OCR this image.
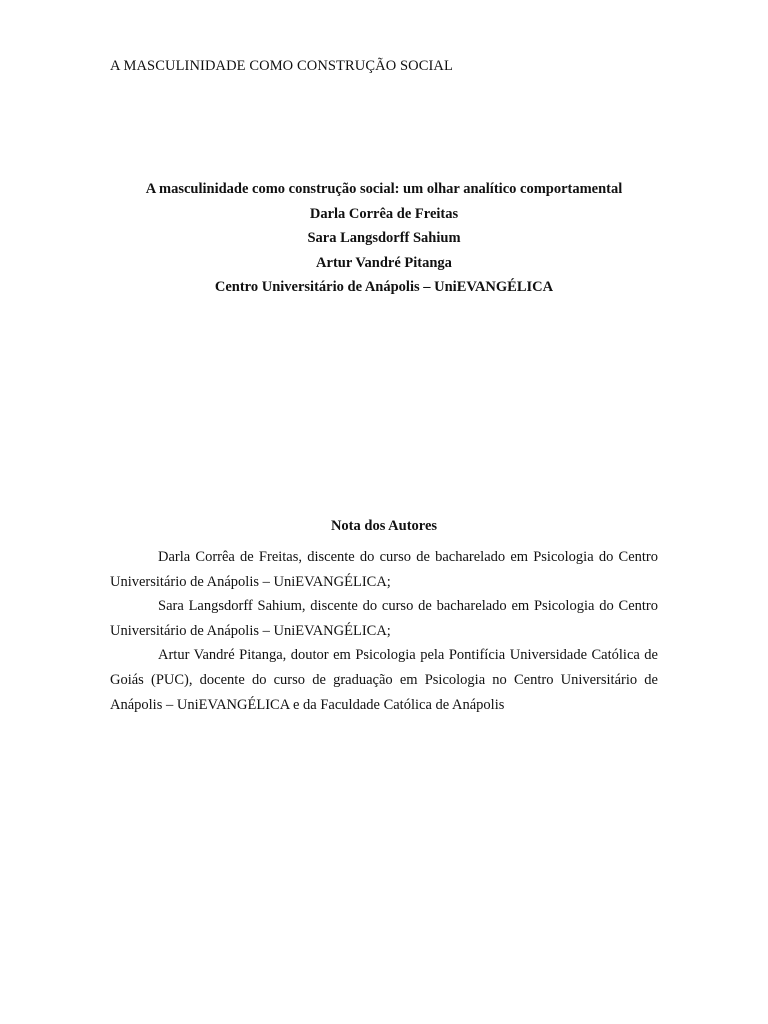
A MASCULINIDADE COMO CONSTRUÇÃO SOCIAL
A masculinidade como construção social: um olhar analítico comportamental
Darla Corrêa de Freitas
Sara Langsdorff Sahium
Artur Vandré Pitanga
Centro Universitário de Anápolis – UniEVANGÉLICA
Nota dos Autores

Darla Corrêa de Freitas, discente do curso de bacharelado em Psicologia do Centro Universitário de Anápolis – UniEVANGÉLICA;

Sara Langsdorff Sahium, discente do curso de bacharelado em Psicologia do Centro Universitário de Anápolis – UniEVANGÉLICA;

Artur Vandré Pitanga, doutor em Psicologia pela Pontifícia Universidade Católica de Goiás (PUC), docente do curso de graduação em Psicologia no Centro Universitário de Anápolis – UniEVANGÉLICA e da Faculdade Católica de Anápolis
